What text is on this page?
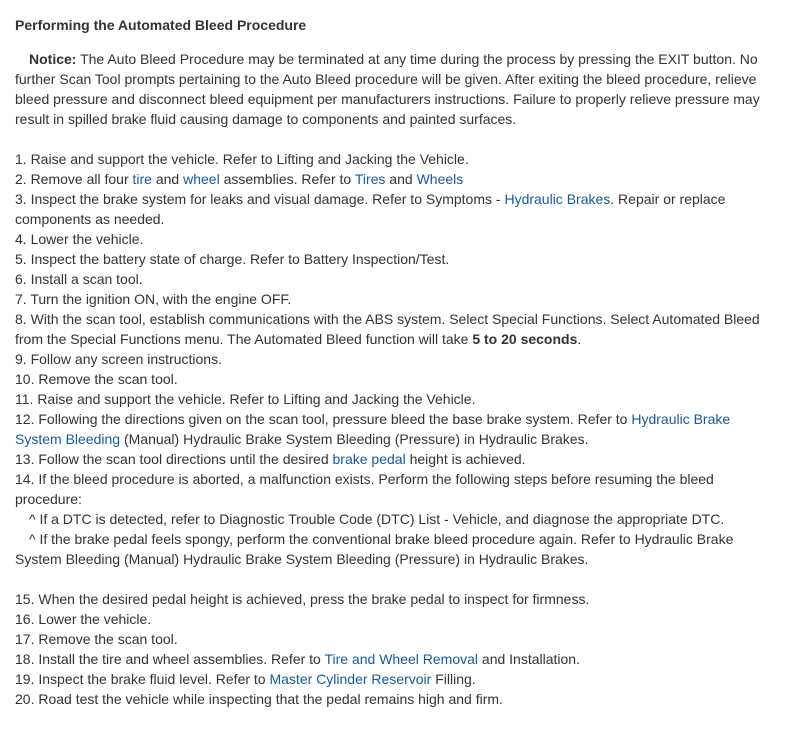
Performing the Automated Bleed Procedure

Notice: The Auto Bleed Procedure may be terminated at any time during the process by pressing the EXIT button. No further Scan Tool prompts pertaining to the Auto Bleed procedure will be given. After exiting the bleed procedure, relieve bleed pressure and disconnect bleed equipment per manufacturers instructions. Failure to properly relieve pressure may result in spilled brake fluid causing damage to components and painted surfaces.

1. Raise and support the vehicle. Refer to Lifting and Jacking the Vehicle.

2. Remove all four tire and wheel assemblies. Refer to Tires and Wheels

3. Inspect the brake system for leaks and visual damage. Refer to Symptoms - Hydraulic Brakes. Repair or replace components as needed.

4. Lower the vehicle.

5. Inspect the battery state of charge. Refer to Battery Inspection/Test.

6. Install a scan tool.

7. Turn the ignition ON, with the engine OFF.

8. With the scan tool, establish communications with the ABS system. Select Special Functions. Select Automated Bleed from the Special Functions menu. The Automated Bleed function will take 5 to 20 seconds.

9. Follow any screen instructions.

10. Remove the scan tool.

11. Raise and support the vehicle. Refer to Lifting and Jacking the Vehicle.

12. Following the directions given on the scan tool, pressure bleed the base brake system. Refer to Hydraulic Brake System Bleeding (Manual) Hydraulic Brake System Bleeding (Pressure) in Hydraulic Brakes.

13. Follow the scan tool directions until the desired brake pedal height is achieved.

14. If the bleed procedure is aborted, a malfunction exists. Perform the following steps before resuming the bleed procedure:

^ If a DTC is detected, refer to Diagnostic Trouble Code (DTC) List - Vehicle, and diagnose the appropriate DTC.

^ If the brake pedal feels spongy, perform the conventional brake bleed procedure again. Refer to Hydraulic Brake System Bleeding (Manual) Hydraulic Brake System Bleeding (Pressure) in Hydraulic Brakes.

15. When the desired pedal height is achieved, press the brake pedal to inspect for firmness.

16. Lower the vehicle.

17. Remove the scan tool.

18. Install the tire and wheel assemblies. Refer to Tire and Wheel Removal and Installation.

19. Inspect the brake fluid level. Refer to Master Cylinder Reservoir Filling.

20. Road test the vehicle while inspecting that the pedal remains high and firm.
